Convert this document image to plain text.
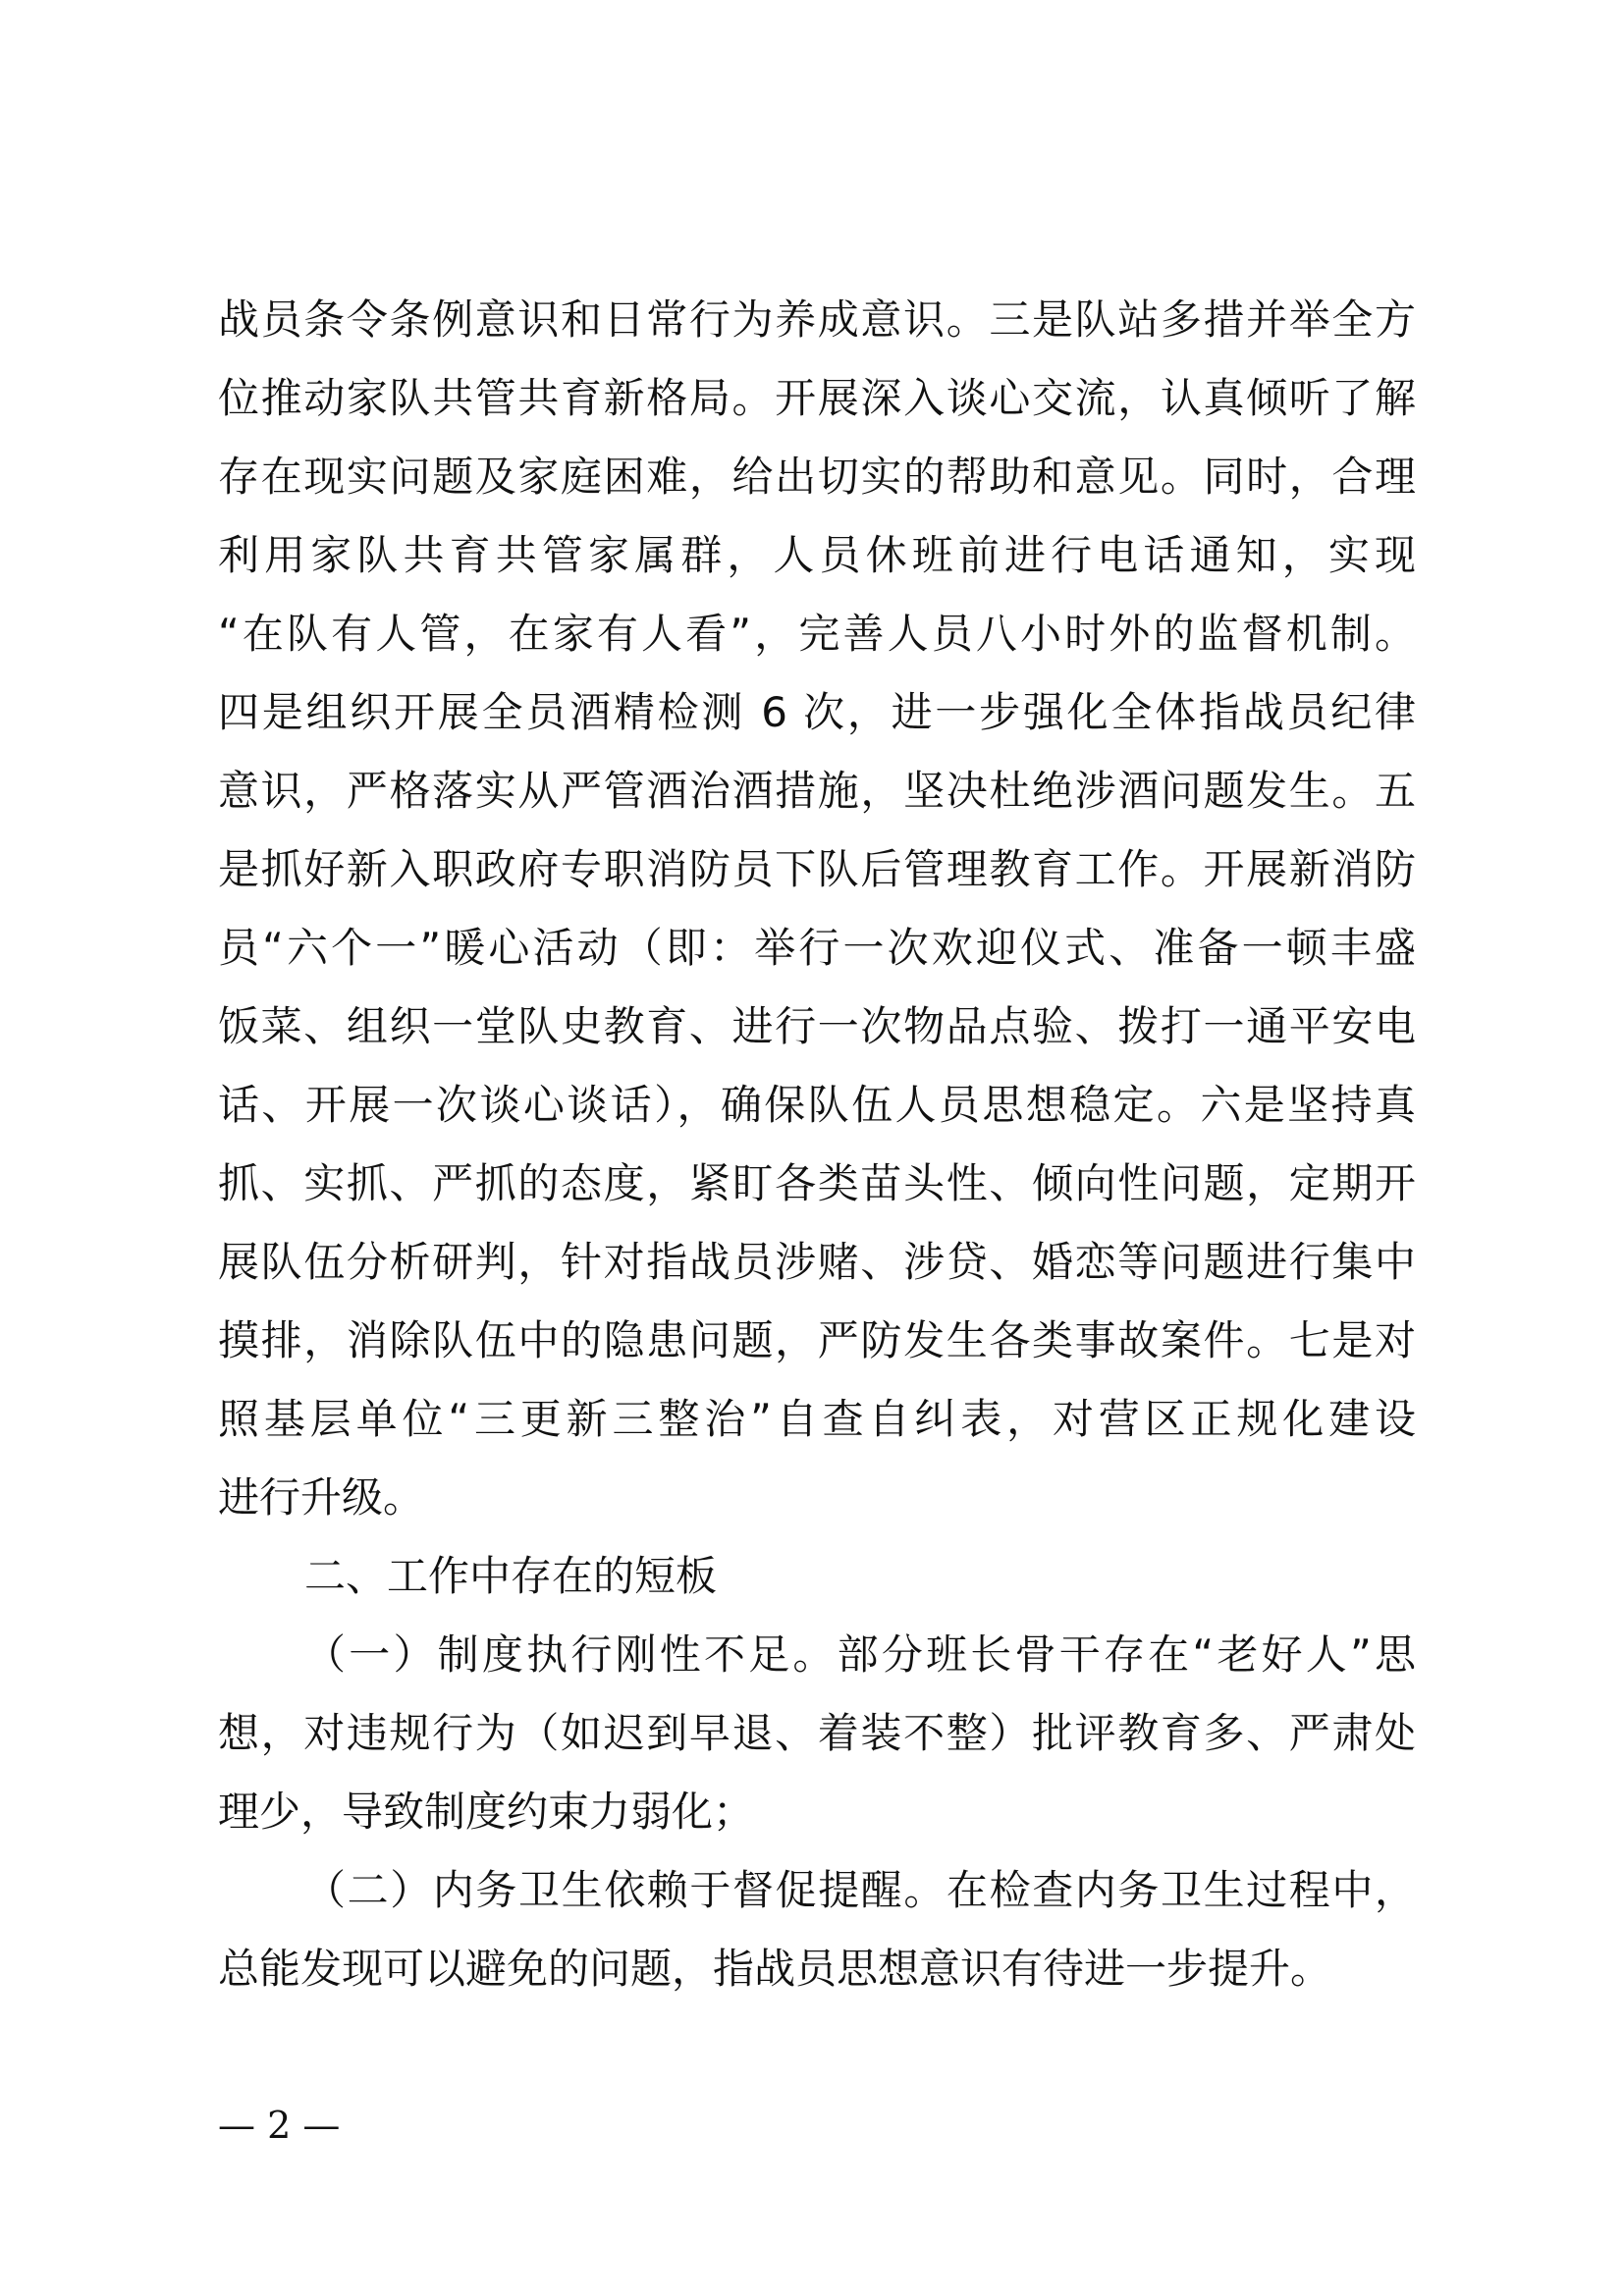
战员条令条例意识和日常行为养成意识。三是队站多措并举全方
位推动家队共管共育新格局。开展深入谈心交流，认真倾听了解
存在现实问题及家庭困难，给出切实的帮助和意见。同时，合理
利用家队共育共管家属群，人员休班前进行电话通知，实现
“在队有人管，在家有人看”，完善人员八小时外的监督机制。
四是组织开展全员酒精检测 6 次，进一步强化全体指战员纪律
意识，严格落实从严管酒治酒措施，坚决杜绝涉酒问题发生。五
是抓好新入职政府专职消防员下队后管理教育工作。开展新消防
员“六个一”暖心活动（即：举行一次欢迎仪式、准备一顿丰盛
饭菜、组织一堂队史教育、进行一次物品点验、拨打一通平安电
话、开展一次谈心谈话），确保队伍人员思想稳定。六是坚持真
抓、实抓、严抓的态度，紧盯各类苗头性、倾向性问题，定期开
展队伍分析研判，针对指战员涉赌、涉贷、婚恋等问题进行集中
摸排，消除队伍中的隐患问题，严防发生各类事故案件。七是对
照基层单位“三更新三整治”自查自纠表，对营区正规化建设
进行升级。
二、工作中存在的短板
（一）制度执行刚性不足。部分班长骨干存在“老好人”思
想，对违规行为（如迟到早退、着装不整）批评教育多、严肃处
理少，导致制度约束力弱化；
（二）内务卫生依赖于督促提醒。在检查内务卫生过程中，
总能发现可以避免的问题，指战员思想意识有待进一步提升。
— 2 —
